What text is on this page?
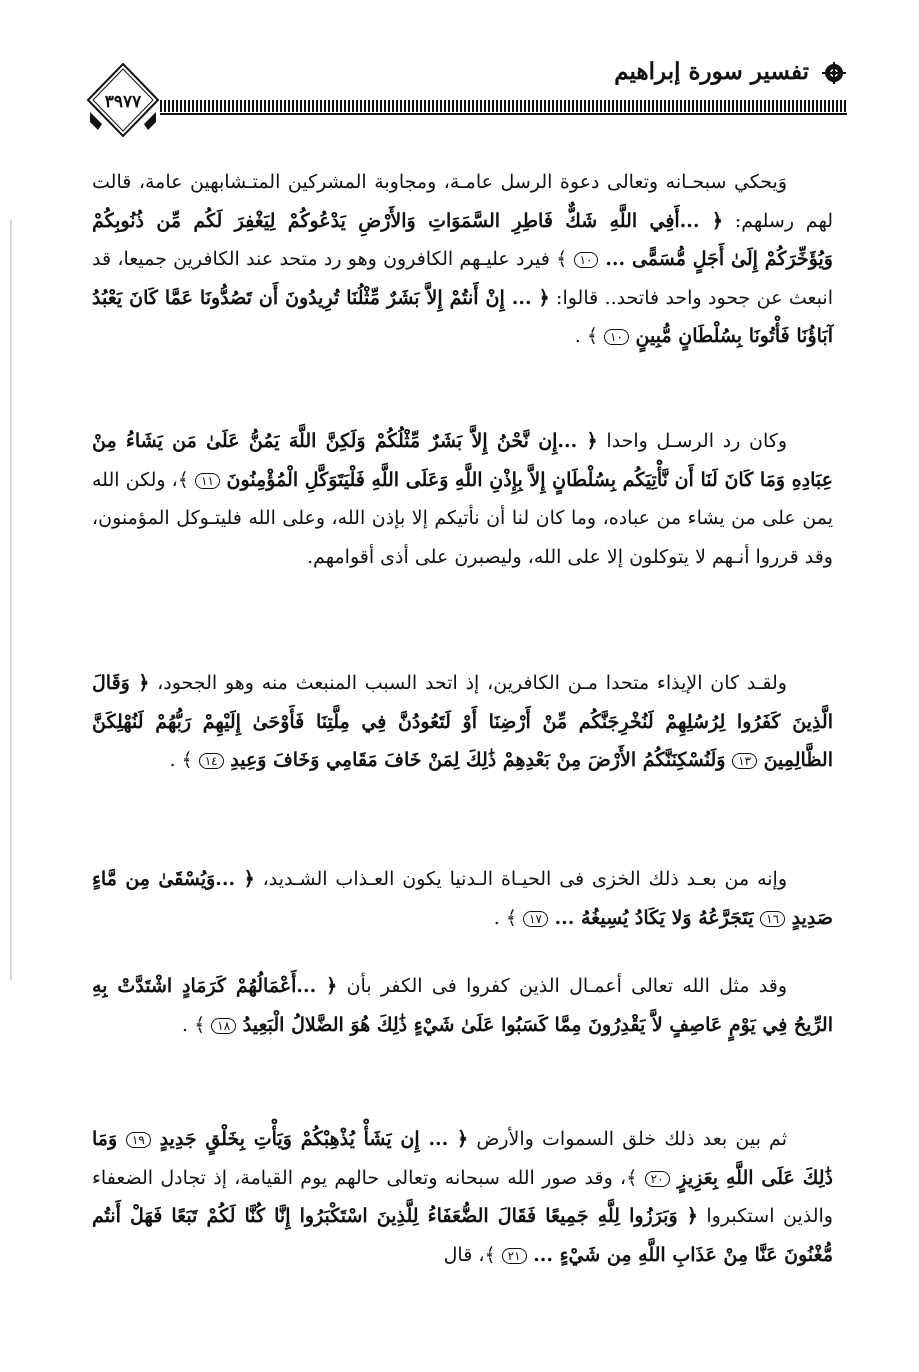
تفسير سورة إبراهيم
٣٩٧٧
وَيحكي سبحـانه وتعالى دعوة الرسل عامـة، ومجاوبة المشركين المتـشابهين عامة، قالت لهم رسلهم: ﴿ ...أَفِي اللَّهِ شَكٌّ فَاطِرِ السَّمَوَاتِ وَالأَرْضِ يَدْعُوكُمْ لِيَغْفِرَ لَكُم مِّن ذُنُوبِكُمْ وَيُؤَخِّرَكُمْ إِلَىٰ أَجَلٍ مُّسَمًّى ... ١٠ ﴾ فيرد عليـهم الكافرون وهو رد متحد عند الكافرين جميعا، قد انبعث عن جحود واحد فاتحد.. قالوا: ﴿ ... إِنْ أَنتُمْ إِلاَّ بَشَرٌ مِّثْلُنَا تُرِيدُونَ أَن تَصُدُّونَا عَمَّا كَانَ يَعْبُدُ آبَاؤُنَا فَأْتُونَا بِسُلْطَانٍ مُّبِينٍ ١٠ ﴾ .
وكان رد الرسـل واحدا ﴿ ...إِن نَّحْنُ إِلاَّ بَشَرٌ مِّثْلُكُمْ وَلَكِنَّ اللَّهَ يَمُنُّ عَلَىٰ مَن يَشَاءُ مِنْ عِبَادِهِ وَمَا كَانَ لَنَا أَن نَّأْتِيَكُم بِسُلْطَانٍ إِلاَّ بِإِذْنِ اللَّهِ وَعَلَى اللَّهِ فَلْيَتَوَكَّلِ الْمُؤْمِنُونَ ١١ ﴾، ولكن الله يمن على من يشاء من عباده، وما كان لنا أن نأتيكم إلا بإذن الله، وعلى الله فليتـوكل المؤمنون، وقد قرروا أنـهم لا يتوكلون إلا على الله، وليصبرن على أذى أقوامهم.
ولقـد كان الإيذاء متحدا مـن الكافرين، إذ اتحد السبب المنبعث منه وهو الجحود، ﴿ وَقَالَ الَّذِينَ كَفَرُوا لِرُسُلِهِمْ لَنُخْرِجَنَّكُم مِّنْ أَرْضِنَا أَوْ لَتَعُودُنَّ فِي مِلَّتِنَا فَأَوْحَىٰ إِلَيْهِمْ رَبُّهُمْ لَنُهْلِكَنَّ الظَّالِمِينَ ١٣ وَلَنُسْكِنَنَّكُمُ الأَرْضَ مِنْ بَعْدِهِمْ ذَٰلِكَ لِمَنْ خَافَ مَقَامِي وَخَافَ وَعِيدِ ١٤ ﴾ .
وإنه من بعـد ذلك الخزى فى الحيـاة الـدنيا يكون العـذاب الشـديد، ﴿ ...وَيُسْقَىٰ مِن مَّاءٍ صَدِيدٍ ١٦ يَتَجَرَّعُهُ وَلا يَكَادُ يُسِيغُهُ ... ١٧ ﴾ .
وقد مثل الله تعالى أعمـال الذين كفروا فى الكفر بأن ﴿ ...أَعْمَالُهُمْ كَرَمَادٍ اشْتَدَّتْ بِهِ الرِّيحُ فِي يَوْمٍ عَاصِفٍ لاَّ يَقْدِرُونَ مِمَّا كَسَبُوا عَلَىٰ شَيْءٍ ذَٰلِكَ هُوَ الضَّلالُ الْبَعِيدُ ١٨ ﴾ .
ثم بين بعد ذلك خلق السموات والأرض ﴿ ... إِن يَشَأْ يُذْهِبْكُمْ وَيَأْتِ بِخَلْقٍ جَدِيدٍ ١٩ وَمَا ذَٰلِكَ عَلَى اللَّهِ بِعَزِيزٍ ٢٠ ﴾، وقد صور الله سبحانه وتعالى حالهم يوم القيامة، إذ تجادل الضعفاء والذين استكبروا ﴿ وَبَرَزُوا لِلَّهِ جَمِيعًا فَقَالَ الضُّعَفَاءُ لِلَّذِينَ اسْتَكْبَرُوا إِنَّا كُنَّا لَكُمْ تَبَعًا فَهَلْ أَنتُم مُّغْنُونَ عَنَّا مِنْ عَذَابِ اللَّهِ مِن شَيْءٍ ... ٢١ ﴾، قال
